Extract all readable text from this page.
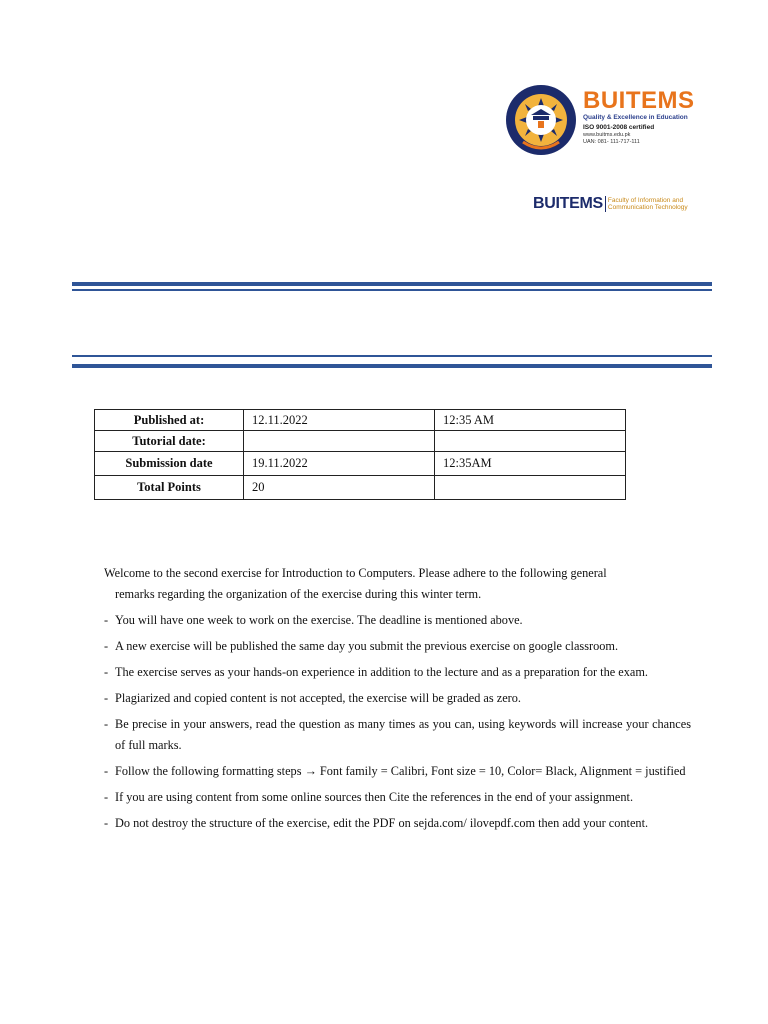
BUITEMS
Quality & Excellence in Education
ISO 9001-2008 certified
www.buitms.edu.pk
UAN: 081- 111-717-111
BUITEMS Faculty of Information and
Communication Technology
Published at:	12.11.2022	12:35 AM
Tutorial date:		
Submission date	19.11.2022	12:35AM
Total Points	20	

Welcome to the second exercise for Introduction to Computers. Please adhere to the following general
remarks regarding the organization of the exercise during this winter term.

- You will have one week to work on the exercise. The deadline is mentioned above.
- A new exercise will be published the same day you submit the previous exercise on google classroom.
- The exercise serves as your hands-on experience in addition to the lecture and as a preparation for the exam.
- Plagiarized and copied content is not accepted, the exercise will be graded as zero.
- Be precise in your answers, read the question as many times as you can, using keywords will increase your chances of full marks.
- Follow the following formatting steps → Font family = Calibri, Font size = 10, Color= Black, Alignment = justified
- If you are using content from some online sources then Cite the references in the end of your assignment.
- Do not destroy the structure of the exercise, edit the PDF on sejda.com/ ilovepdf.com then add your content.
